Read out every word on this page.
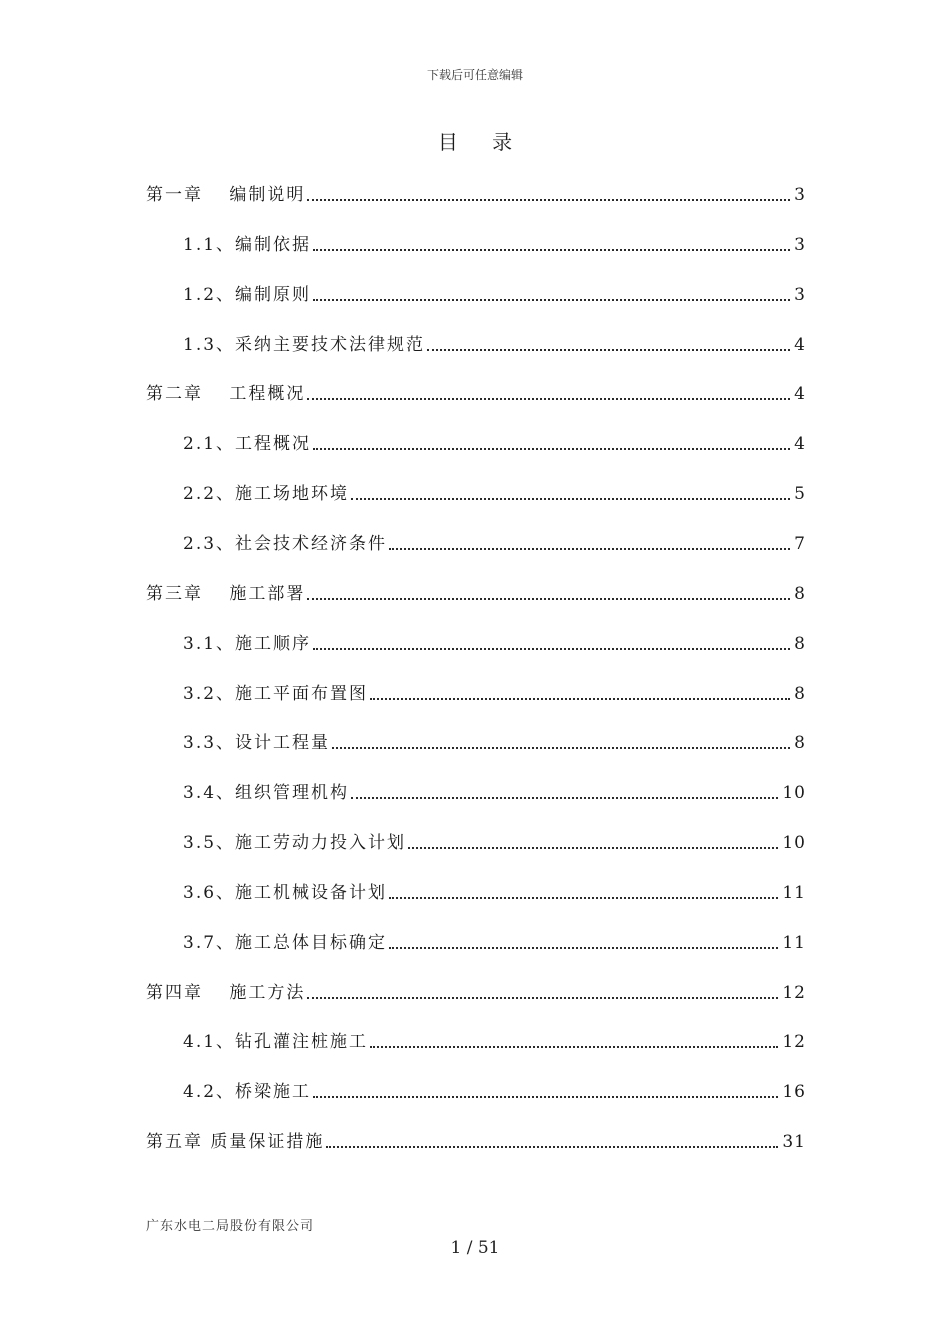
下载后可任意编辑
目 录
第一章　 编制说明	3
1.1、编制依据	3
1.2、编制原则	3
1.3、采纳主要技术法律规范	4
第二章　 工程概况	4
2.1、工程概况	4
2.2、施工场地环境	5
2.3、社会技术经济条件	7
第三章　 施工部署	8
3.1、施工顺序	8
3.2、施工平面布置图	8
3.3、设计工程量	8
3.4、组织管理机构	10
3.5、施工劳动力投入计划	10
3.6、施工机械设备计划	11
3.7、施工总体目标确定	11
第四章　 施工方法	12
4.1、钻孔灌注桩施工	12
4.2、桥梁施工	16
第五章 质量保证措施	31
广东水电二局股份有限公司
1 / 51
